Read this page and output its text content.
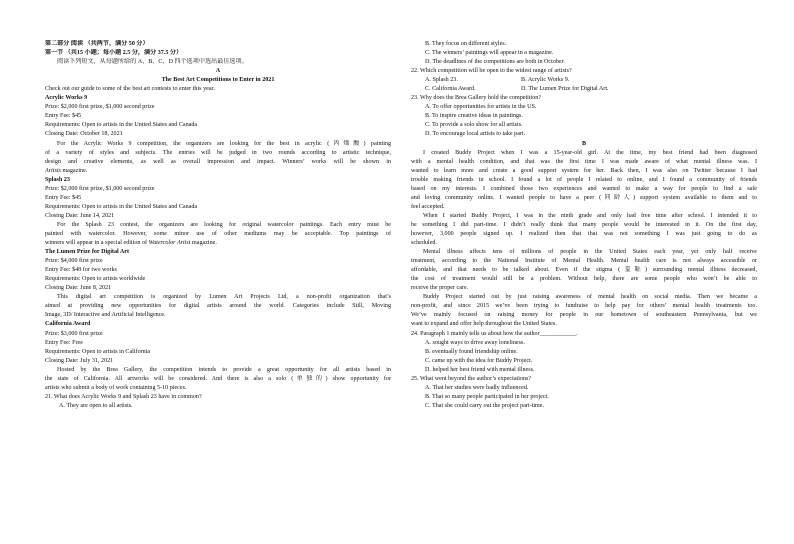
第二部分 阅读 （共两节，满分 50 分）
第一节 （共15 小题；每小题 2.5 分，满分 37.5 分）
阅读下列短文，从每题所给的 A、B、C、D 四个选项中选出最佳选项。
A
The Best Art Competitions to Enter in 2021
Check out our guide to some of the best art contests to enter this year.
Acrylic Works 9
Prize: $2,000 first prize, $1,000 second prize
Entry Fee: $45
Requirements: Open to artists in the United States and Canada
Closing Date: October 18, 2021
For the Acrylic Works 9 competition, the organizers are looking for the best in acrylic (丙烯酸) painting
of a variety of styles and subjects. The entries will be judged in two rounds according to artistic technique,
design and creative elements, as well as overall impression and impact. Winners’ works will be shown in
Artists magazine.
Splash 23
Prize: $2,000 first prize, $1,000 second prize
Entry Fee: $45
Requirements: Open to artists in the United States and Canada
Closing Date: June 14, 2021
For the Splash 23 contest, the organizers are looking for original watercolor paintings. Each entry must be
painted with watercolor. However, some minor use of other mediums may be acceptable. Top paintings of
winners will appear in a special edition of Watercolor Artist magazine.
The Lumen Prize for Digital Art
Prize: $4,000 first prize
Entry Fee: $48 for two works
Requirements: Open to artists worldwide
Closing Date: June 8, 2021
This digital art competition is organized by Lumen Art Projects Ltd, a non-profit organization that’s
aimed at providing new opportunities for digital artists around the world. Categories include Still, Moving
Image, 3D/ Interactive and Artificial Intelligence.
California Award
Prize: $3,000 first prize
Entry Fee: Free
Requirements: Open to artists in California
Closing Date: July 31, 2021
Hosted by the Brea Gallery, the competition intends to provide a great opportunity for all artists based in
the state of California. All artworks will be considered. And there is also a solo (单独的) show opportunity for
artists who submit a body of work containing 5-10 pieces.
21. What does Acrylic Works 9 and Splash 23 have in common?
A. They are open to all artists.
B. They focus on different styles.
C. The winners’ paintings will appear in a magazine.
D. The deadlines of the competitions are both in October.
22. Which competition will be open to the widest range of artists?
A. Splash 23.	B. Acrylic Works 9.
C. California Award.	D. The Lumen Prize for Digital Art.
23. Why does the Brea Gallery hold the competition?
A. To offer opportunities for artists in the US.
B. To inspire creative ideas in paintings.
C. To provide a solo show for all artists.
D. To encourage local artists to take part.
B
I created Buddy Project when I was a 15-year-old girl. At the time, my best friend had been diagnosed
with a mental health condition, and that was the first time I was made aware of what mental illness was. I
wanted to learn more and create a good support system for her. Back then, I was also on Twitter because I had
trouble making friends in school. I found a lot of people I related to online, and I found a community of friends
based on my interests. I combined those two experiences and wanted to make a way for people to find a safe
and loving community online. I wanted people to have a peer (同龄人) support system available to them and to
feel accepted.
When I started Buddy Project, I was in the ninth grade and only had free time after school. I intended it to
be something I did part-time. I didn’t really think that many people would be interested in it. On the first day,
however, 3,000 people signed up. I realized then that that was not something I was just going to do as
scheduled.
Mental illness affects tens of millions of people in the United States each year, yet only half receive
treatment, according to the National Institute of Mental Health. Mental health care is not always accessible or
affordable, and that needs to be talked about. Even if the stigma (羞耻) surrounding mental illness decreased,
the cost of treatment would still be a problem. Without help, there are some people who won’t be able to
receive the proper care.
Buddy Project started out by just raising awareness of mental health on social media. Then we became a
non-profit, and since 2015 we’ve been trying to fundraise to help pay for others’ mental health treatments too.
We’ve mainly focused on raising money for people in our hometown of southeastern Pennsylvania, but we
want to expand and offer help throughout the United States.
24. Paragraph 1 mainly tells us about how the author____________.
A. sought ways to drive away loneliness.
B. eventually found friendship online.
C. came up with the idea for Buddy Project.
D. helped her best friend with mental illness.
25. What went beyond the author’s expectations?
A. That her studies were badly influenced.
B. That so many people participated in her project.
C. That she could carry out the project part-time.
